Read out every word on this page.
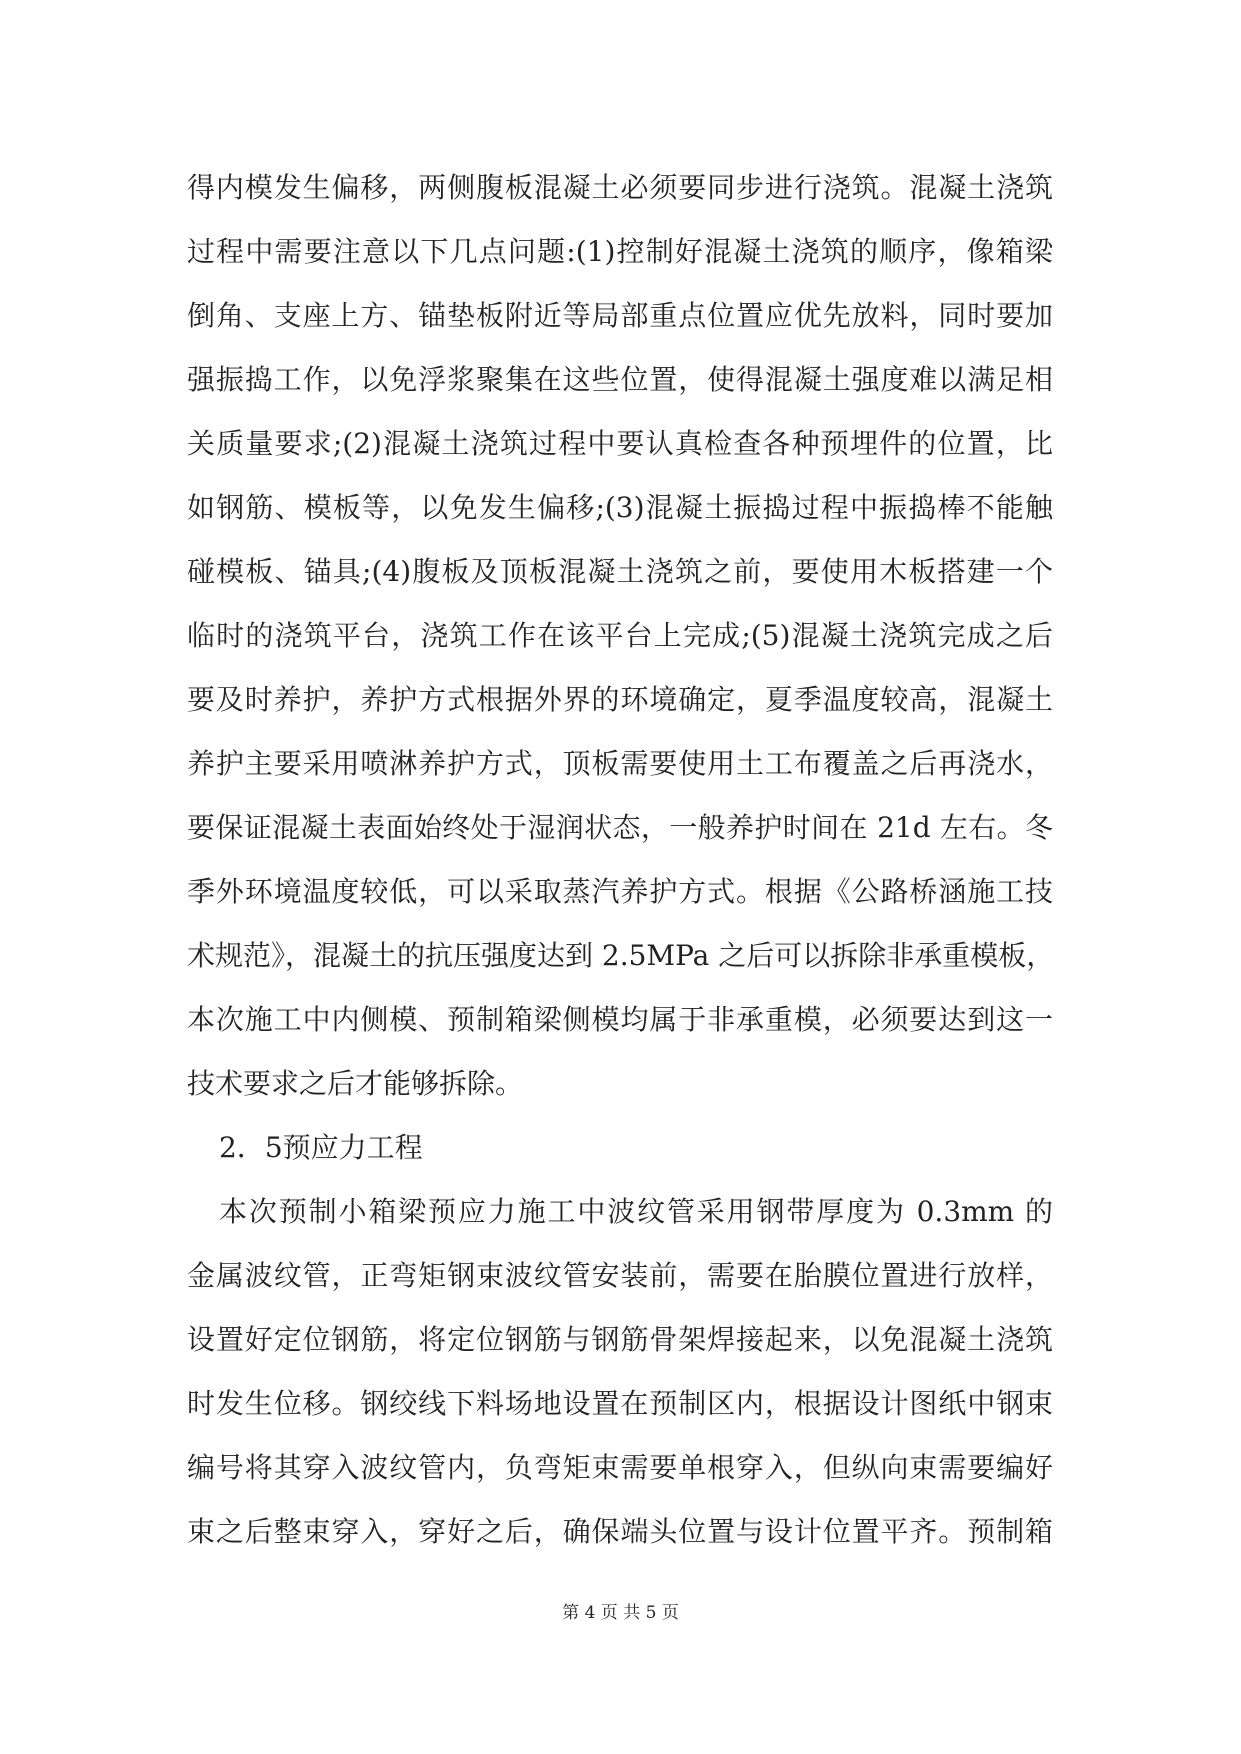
得内模发生偏移，两侧腹板混凝土必须要同步进行浇筑。混凝土浇筑
过程中需要注意以下几点问题:(1)控制好混凝土浇筑的顺序，像箱梁
倒角、支座上方、锚垫板附近等局部重点位置应优先放料，同时要加
强振捣工作，以免浮浆聚集在这些位置，使得混凝土强度难以满足相
关质量要求;(2)混凝土浇筑过程中要认真检查各种预埋件的位置，比
如钢筋、模板等，以免发生偏移;(3)混凝土振捣过程中振捣棒不能触
碰模板、锚具;(4)腹板及顶板混凝土浇筑之前，要使用木板搭建一个
临时的浇筑平台，浇筑工作在该平台上完成;(5)混凝土浇筑完成之后
要及时养护，养护方式根据外界的环境确定，夏季温度较高，混凝土
养护主要采用喷淋养护方式，顶板需要使用土工布覆盖之后再浇水，
要保证混凝土表面始终处于湿润状态，一般养护时间在 21d 左右。冬
季外环境温度较低，可以采取蒸汽养护方式。根据《公路桥涵施工技
术规范》，混凝土的抗压强度达到 2.5MPa 之后可以拆除非承重模板，
本次施工中内侧模、预制箱梁侧模均属于非承重模，必须要达到这一
技术要求之后才能够拆除。
2．5预应力工程
本次预制小箱梁预应力施工中波纹管采用钢带厚度为 0.3mm 的
金属波纹管，正弯矩钢束波纹管安装前，需要在胎膜位置进行放样，
设置好定位钢筋，将定位钢筋与钢筋骨架焊接起来，以免混凝土浇筑
时发生位移。钢绞线下料场地设置在预制区内，根据设计图纸中钢束
编号将其穿入波纹管内，负弯矩束需要单根穿入，但纵向束需要编好
束之后整束穿入，穿好之后，确保端头位置与设计位置平齐。预制箱
第 4 页 共 5 页
